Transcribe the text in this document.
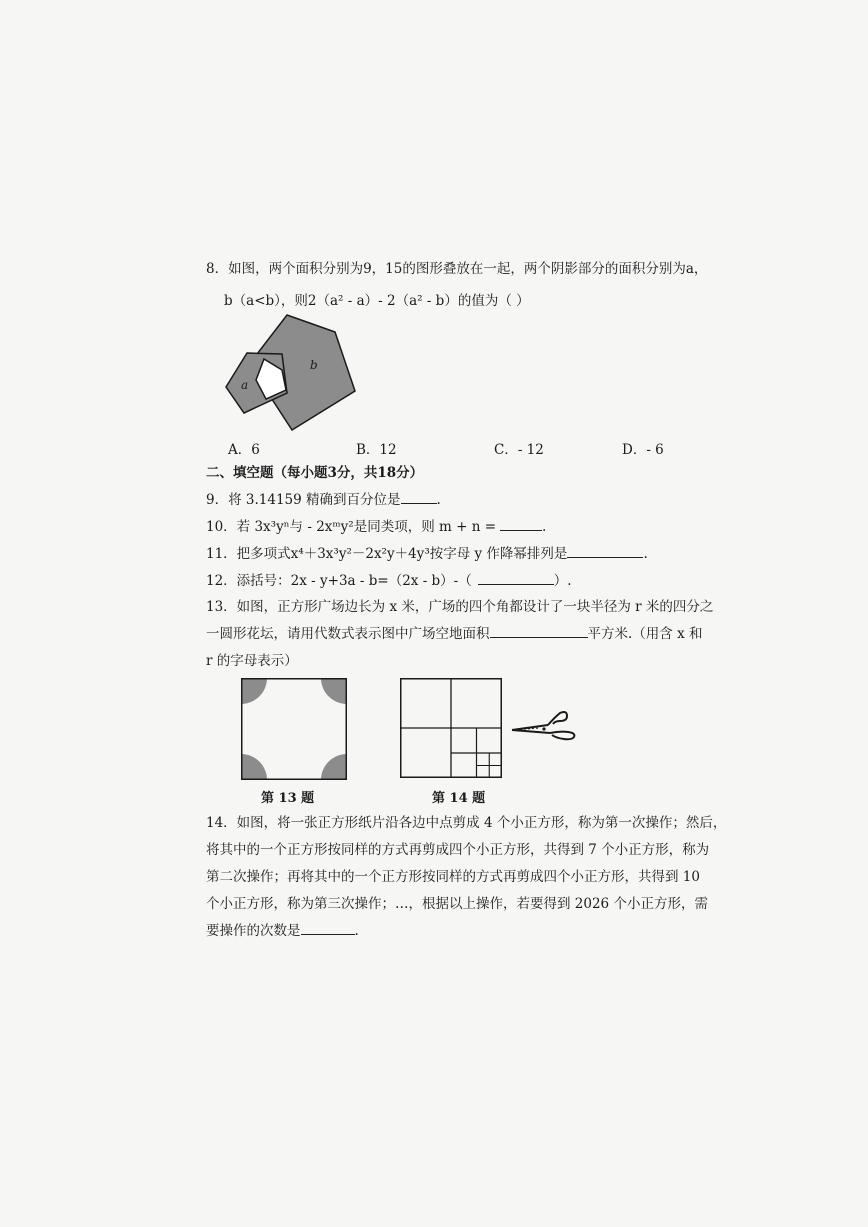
8．如图，两个面积分别为9，15的图形叠放在一起，两个阴影部分的面积分别为a，
b（a<b），则2（a² - a）- 2（a² - b）的值为（ ）
a
b
A．6	B．12	C．- 12	D．- 6
二、填空题（每小题3分，共18分）
9．将 3.14159 精确到百分位是	.
10．若 3x³yⁿ与 - 2xᵐy²是同类项，则 m + n =	.
11．把多项式x⁴＋3x³y²－2x²y＋4y³按字母 y 作降幂排列是	.
12．添括号：2x - y+3a - b=（2x - b）-（	）.
13．如图，正方形广场边长为 x 米，广场的四个角都设计了一块半径为 r 米的四分之
一圆形花坛，请用代数式表示图中广场空地面积	平方米.（用含 x 和
r 的字母表示）
第 13 题	第 14 题
14．如图，将一张正方形纸片沿各边中点剪成 4 个小正方形，称为第一次操作；然后，
将其中的一个正方形按同样的方式再剪成四个小正方形，共得到 7 个小正方形，称为
第二次操作；再将其中的一个正方形按同样的方式再剪成四个小正方形，共得到 10
个小正方形，称为第三次操作；…，根据以上操作，若要得到 2026 个小正方形，需
要操作的次数是	.
